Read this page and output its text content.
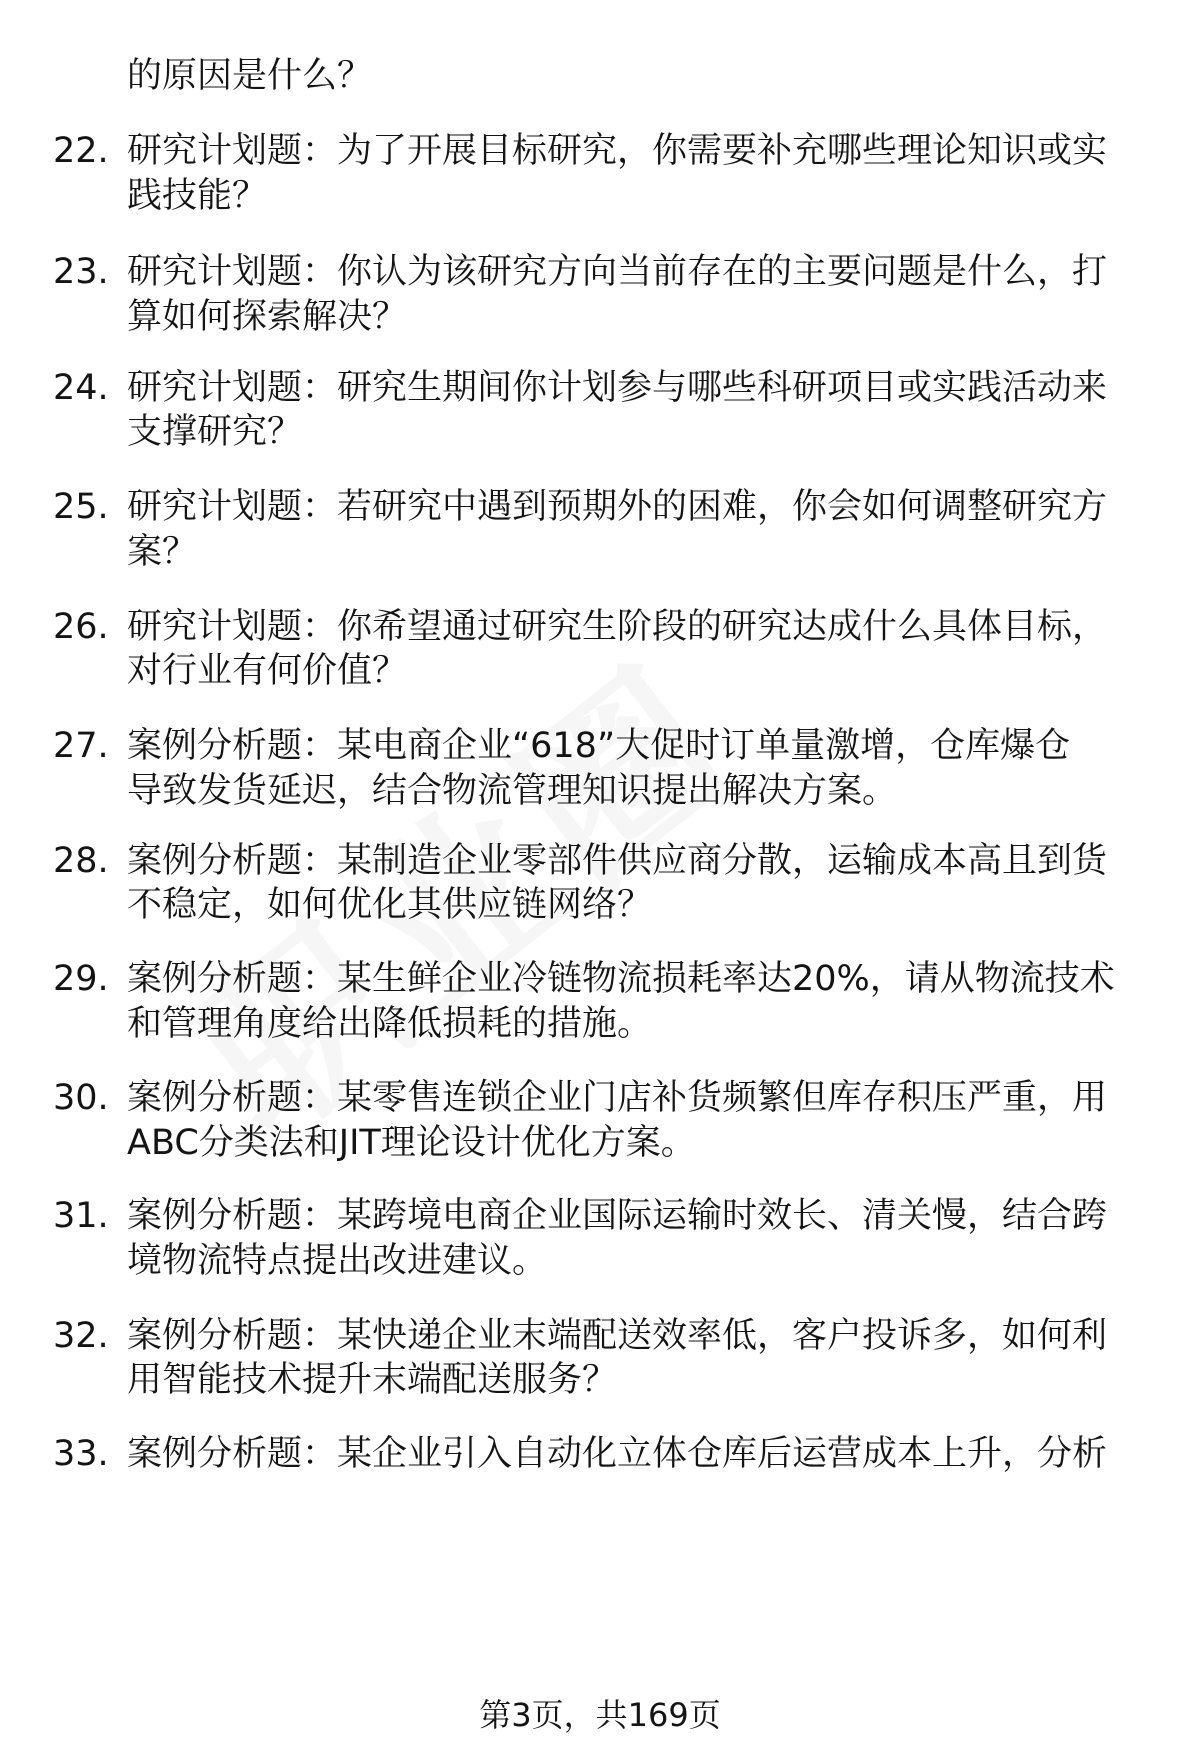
的原因是什么？
22. 研究计划题：为了开展目标研究，你需要补充哪些理论知识或实
践技能？
23. 研究计划题：你认为该研究方向当前存在的主要问题是什么，打
算如何探索解决？
24. 研究计划题：研究生期间你计划参与哪些科研项目或实践活动来
支撑研究？
25. 研究计划题：若研究中遇到预期外的困难，你会如何调整研究方
案？
26. 研究计划题：你希望通过研究生阶段的研究达成什么具体目标，
对行业有何价值？
27. 案例分析题：某电商企业“618”大促时订单量激增，仓库爆仓
导致发货延迟，结合物流管理知识提出解决方案。
28. 案例分析题：某制造企业零部件供应商分散，运输成本高且到货
不稳定，如何优化其供应链网络？
29. 案例分析题：某生鲜企业冷链物流损耗率达20%，请从物流技术
和管理角度给出降低损耗的措施。
30. 案例分析题：某零售连锁企业门店补货频繁但库存积压严重，用
ABC分类法和JIT理论设计优化方案。
31. 案例分析题：某跨境电商企业国际运输时效长、清关慢，结合跨
境物流特点提出改进建议。
32. 案例分析题：某快递企业末端配送效率低，客户投诉多，如何利
用智能技术提升末端配送服务？
33. 案例分析题：某企业引入自动化立体仓库后运营成本上升，分析
第3页，共169页
